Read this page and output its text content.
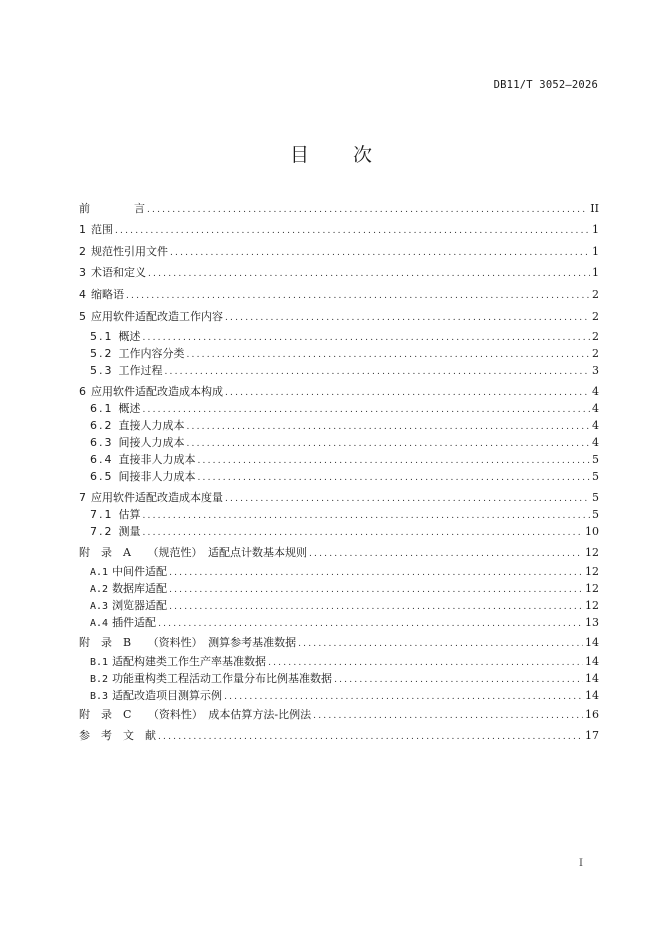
DB11/T 3052—2026
目 次
前　　　　言 .....	II
1 范围 .....	1
2 规范性引用文件 .....	1
3 术语和定义 .....	1
4 缩略语 .....	2
5 应用软件适配改造工作内容 .....	2
5.1 概述 .....	2
5.2 工作内容分类 .....	2
5.3 工作过程 .....	3
6 应用软件适配改造成本构成 .....	4
6.1 概述 .....	4
6.2 直接人力成本 .....	4
6.3 间接人力成本 .....	4
6.4 直接非人力成本 .....	5
6.5 间接非人力成本 .....	5
7 应用软件适配改造成本度量 .....	5
7.1 估算 .....	5
7.2 测量 .....	10
附　录　A　　（规范性）　适配点计数基本规则 .....	12
A.1 中间件适配 .....	12
A.2 数据库适配 .....	12
A.3 浏览器适配 .....	12
A.4 插件适配 .....	13
附　录　B　　（资料性）　测算参考基准数据 .....	14
B.1 适配构建类工作生产率基准数据 .....	14
B.2 功能重构类工程活动工作量分布比例基准数据 .....	14
B.3 适配改造项目测算示例 .....	14
附　录　C　　（资料性）　成本估算方法-比例法 .....	16
参　考　文　献 .....	17
I
